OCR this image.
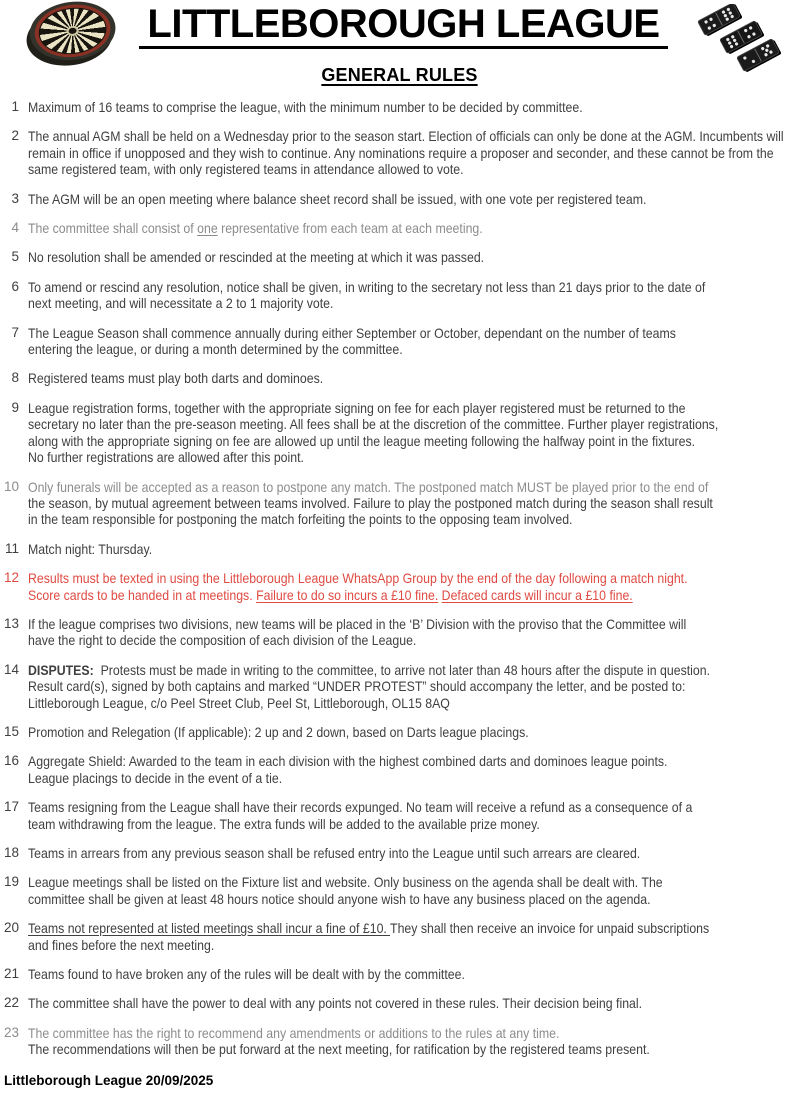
LITTLEBOROUGH LEAGUE
GENERAL RULES
1 Maximum of 16 teams to comprise the league, with the minimum number to be decided by committee.
2 The annual AGM shall be held on a Wednesday prior to the season start. Election of officials can only be done at the AGM. Incumbents will
remain in office if unopposed and they wish to continue. Any nominations require a proposer and seconder, and these cannot be from the
same registered team, with only registered teams in attendance allowed to vote.
3 The AGM will be an open meeting where balance sheet record shall be issued, with one vote per registered team.
4 The committee shall consist of one representative from each team at each meeting.
5 No resolution shall be amended or rescinded at the meeting at which it was passed.
6 To amend or rescind any resolution, notice shall be given, in writing to the secretary not less than 21 days prior to the date of
next meeting, and will necessitate a 2 to 1 majority vote.
7 The League Season shall commence annually during either September or October, dependant on the number of teams
entering the league, or during a month determined by the committee.
8 Registered teams must play both darts and dominoes.
9 League registration forms, together with the appropriate signing on fee for each player registered must be returned to the
secretary no later than the pre-season meeting. All fees shall be at the discretion of the committee. Further player registrations,
along with the appropriate signing on fee are allowed up until the league meeting following the halfway point in the fixtures.
No further registrations are allowed after this point.
10 Only funerals will be accepted as a reason to postpone any match. The postponed match MUST be played prior to the end of
the season, by mutual agreement between teams involved. Failure to play the postponed match during the season shall result
in the team responsible for postponing the match forfeiting the points to the opposing team involved.
11 Match night: Thursday.
12 Results must be texted in using the Littleborough League WhatsApp Group by the end of the day following a match night.
Score cards to be handed in at meetings. Failure to do so incurs a £10 fine. Defaced cards will incur a £10 fine.
13 If the league comprises two divisions, new teams will be placed in the ‘B’ Division with the proviso that the Committee will
have the right to decide the composition of each division of the League.
14 DISPUTES:  Protests must be made in writing to the committee, to arrive not later than 48 hours after the dispute in question.
Result card(s), signed by both captains and marked “UNDER PROTEST” should accompany the letter, and be posted to:
Littleborough League, c/o Peel Street Club, Peel St, Littleborough, OL15 8AQ
15 Promotion and Relegation (If applicable): 2 up and 2 down, based on Darts league placings.
16 Aggregate Shield: Awarded to the team in each division with the highest combined darts and dominoes league points.
League placings to decide in the event of a tie.
17 Teams resigning from the League shall have their records expunged. No team will receive a refund as a consequence of a
team withdrawing from the league. The extra funds will be added to the available prize money.
18 Teams in arrears from any previous season shall be refused entry into the League until such arrears are cleared.
19 League meetings shall be listed on the Fixture list and website. Only business on the agenda shall be dealt with. The
committee shall be given at least 48 hours notice should anyone wish to have any business placed on the agenda.
20 Teams not represented at listed meetings shall incur a fine of £10. They shall then receive an invoice for unpaid subscriptions
and fines before the next meeting.
21 Teams found to have broken any of the rules will be dealt with by the committee.
22 The committee shall have the power to deal with any points not covered in these rules. Their decision being final.
23 The committee has the right to recommend any amendments or additions to the rules at any time.
The recommendations will then be put forward at the next meeting, for ratification by the registered teams present.
Littleborough League 20/09/2025
